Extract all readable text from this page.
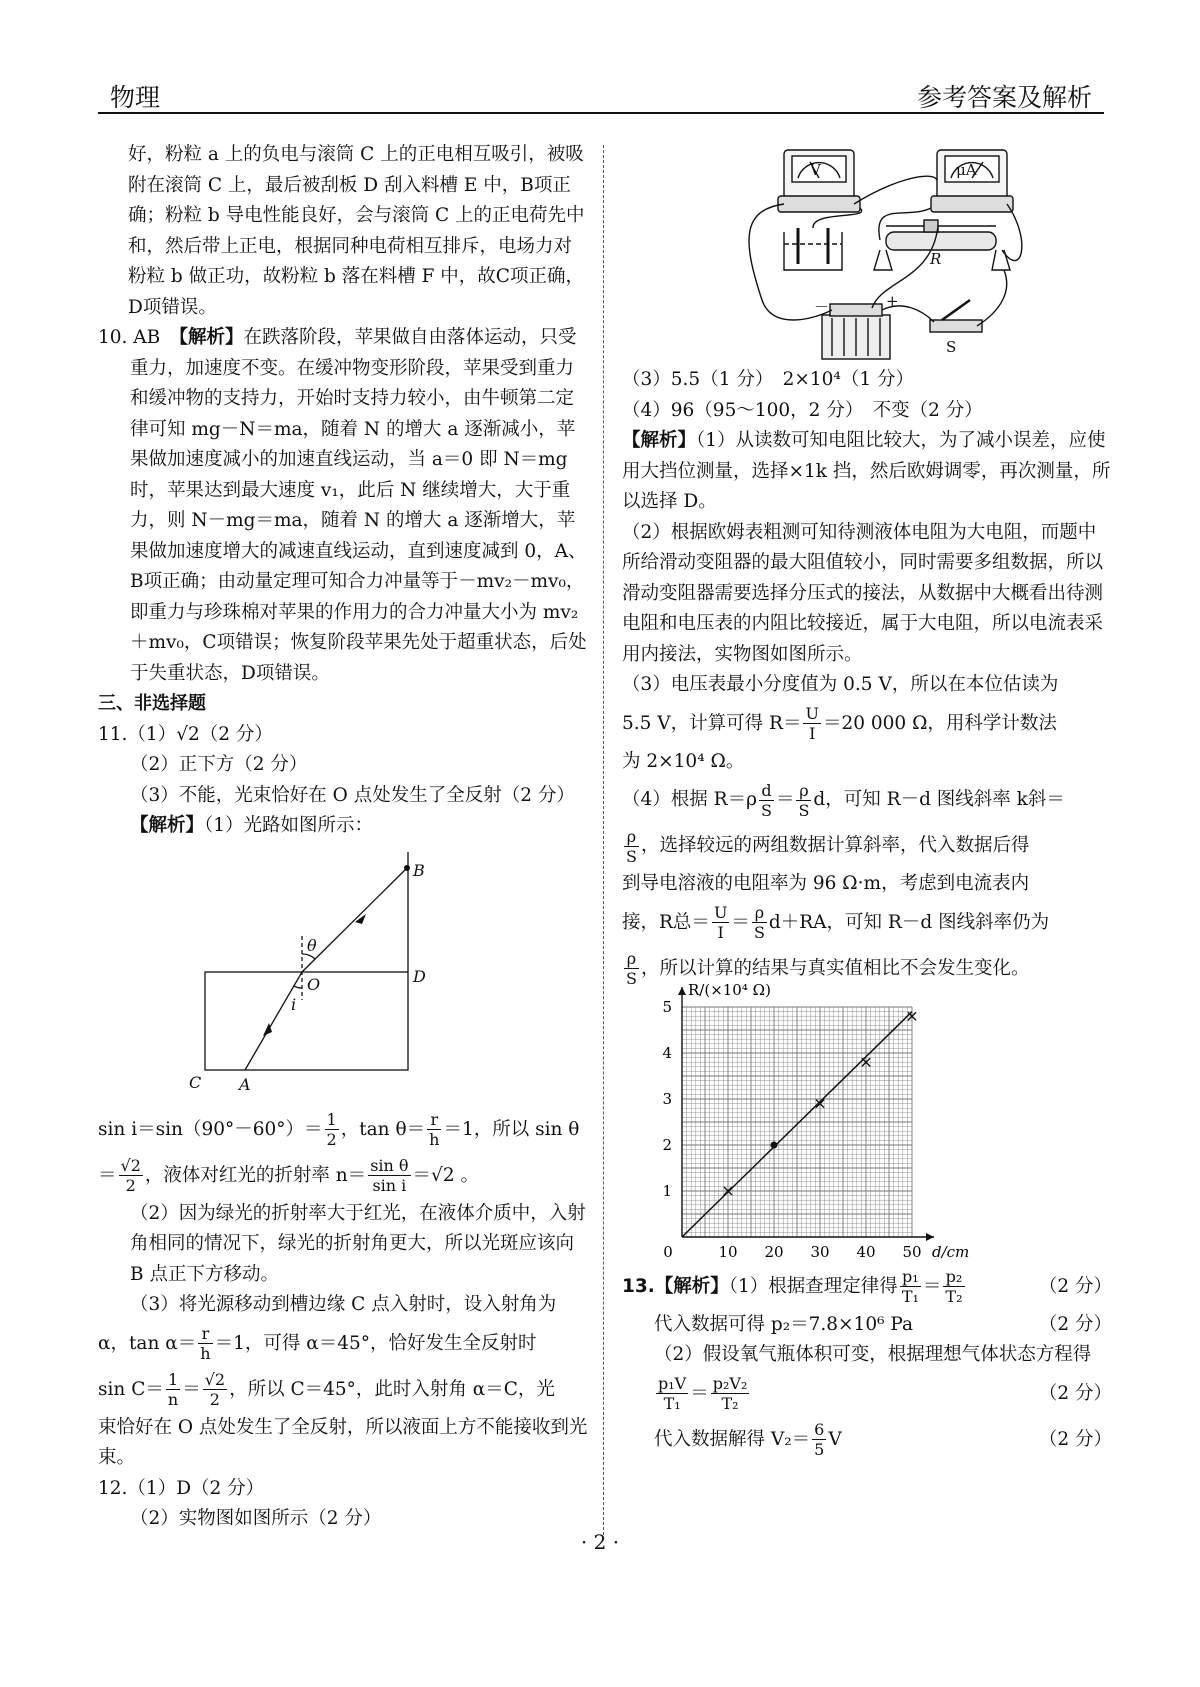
物理	参考答案及解析

好，粉粒 a 上的负电与滚筒 C 上的正电相互吸引，被吸附在滚筒 C 上，最后被刮板 D 刮入料槽 E 中，B项正确；粉粒 b 导电性能良好，会与滚筒 C 上的正电荷先中和，然后带上正电，根据同种电荷相互排斥，电场力对粉粒 b 做正功，故粉粒 b 落在料槽 F 中，故C项正确，D项错误。

10. AB　 【解析】在跌落阶段，苹果做自由落体运动，只受重力，加速度不变。在缓冲物变形阶段，苹果受到重力和缓冲物的支持力，开始时支持力较小，由牛顿第二定律可知 mg－N＝ma，随着 N 的增大 a 逐渐减小，苹果做加速度减小的加速直线运动，当 a＝0 即 N＝mg 时，苹果达到最大速度 v₁，此后 N 继续增大，大于重力，则 N－mg＝ma，随着 N 的增大 a 逐渐增大，苹果做加速度增大的减速直线运动，直到速度减到 0，A、B项正确；由动量定理可知合力冲量等于－mv₂－mv₀，即重力与珍珠棉对苹果的作用力的合力冲量大小为 mv₂＋mv₀，C项错误；恢复阶段苹果先处于超重状态，后处于失重状态，D项错误。

三、非选择题

11.（1）√2（2 分）

（2）正下方（2 分）

（3）不能，光束恰好在 O 点处发生了全反射（2 分）

【解析】（1）光路如图所示：

B
D
C A
O
θ
i

$\sin i=\sin(90^\circ-60^\circ)= \frac{1}{2}$ ，$\tan \theta= \frac{r}{h} =1$，所以 sin θ

＝ $\frac{√2}{2}$ ，液体对红光的折射率 $n= \frac{\text{sin θ}}{\text{sin i}} =√2$ 。

（2）因为绿光的折射率大于红光，在液体介质中，入射角相同的情况下，绿光的折射角更大，所以光斑应该向 B 点正下方移动。

（3）将光源移动到槽边缘 C 点入射时，设入射角为

α，$\tan \alpha= \frac{r}{h} =1$，可得 α＝45°，恰好发生全反射时

$\sin C= \frac{1}{n} = \frac{√2}{2}$ ，所以 C＝45°，此时入射角 α＝C，光

束恰好在 O 点处发生了全反射，所以液面上方不能接收到光束。

12.（1）D（2 分）

（2）实物图如图所示（2 分）

V	μA
R
S
－	+

（3）5.5（1 分）　2×10⁴（1 分）

（4）96（95～100，2 分）　不变（2 分）

【解析】（1）从读数可知电阻比较大，为了减小误差，应使用大挡位测量，选择×1k 挡，然后欧姆调零，再次测量，所以选择 D。

（2）根据欧姆表粗测可知待测液体电阻为大电阻，而题中所给滑动变阻器的最大阻值较小，同时需要多组数据，所以滑动变阻器需要选择分压式的接法，从数据中大概看出待测电阻和电压表的内阻比较接近，属于大电阻，所以电流表采用内接法，实物图如图所示。

（3）电压表最小分度值为 0.5 V，所以在本位估读为

5.5 V，计算可得 $R= \frac{U}{I} =20$ 000 Ω，用科学计数法

为 2×10⁴ Ω。

（4）根据 $R=\rho \frac{d}{S} = \frac{\rho}{S}$ d，可知 R－d 图线斜率 k斜＝

$\frac{\rho}{S}$ ，选择较远的两组数据计算斜率，代入数据后得

到导电溶液的电阻率为 96 Ω·m，考虑到电流表内

接，R总＝ $\frac{U}{I} = \frac{\rho}{S} d+RA$，可知 R－d 图线斜率仍为

$\frac{\rho}{S}$ ，所以计算的结果与真实值相比不会发生变化。

0	10 20 30 40 50
1
2
3
4
5
d/cm
R/(×10⁴ Ω)

13.【解析】（1）根据查理定律得 $\frac{\text{p₁}}{\text{T₁}} = \frac{\text{p₂}}{\text{T₂}}$	（2 分）

代入数据可得 p₂＝7.8×10⁶ Pa	（2 分）

（2）假设氧气瓶体积可变，根据理想气体状态方程得

$\frac{\text{p₁V}}{\text{T₁}} = \frac{\text{p₂V₂}}{\text{T₂}}$	（2 分）

代入数据解得 $V_2= \frac{6}{5}$ V	（2 分）

· 2 ·
